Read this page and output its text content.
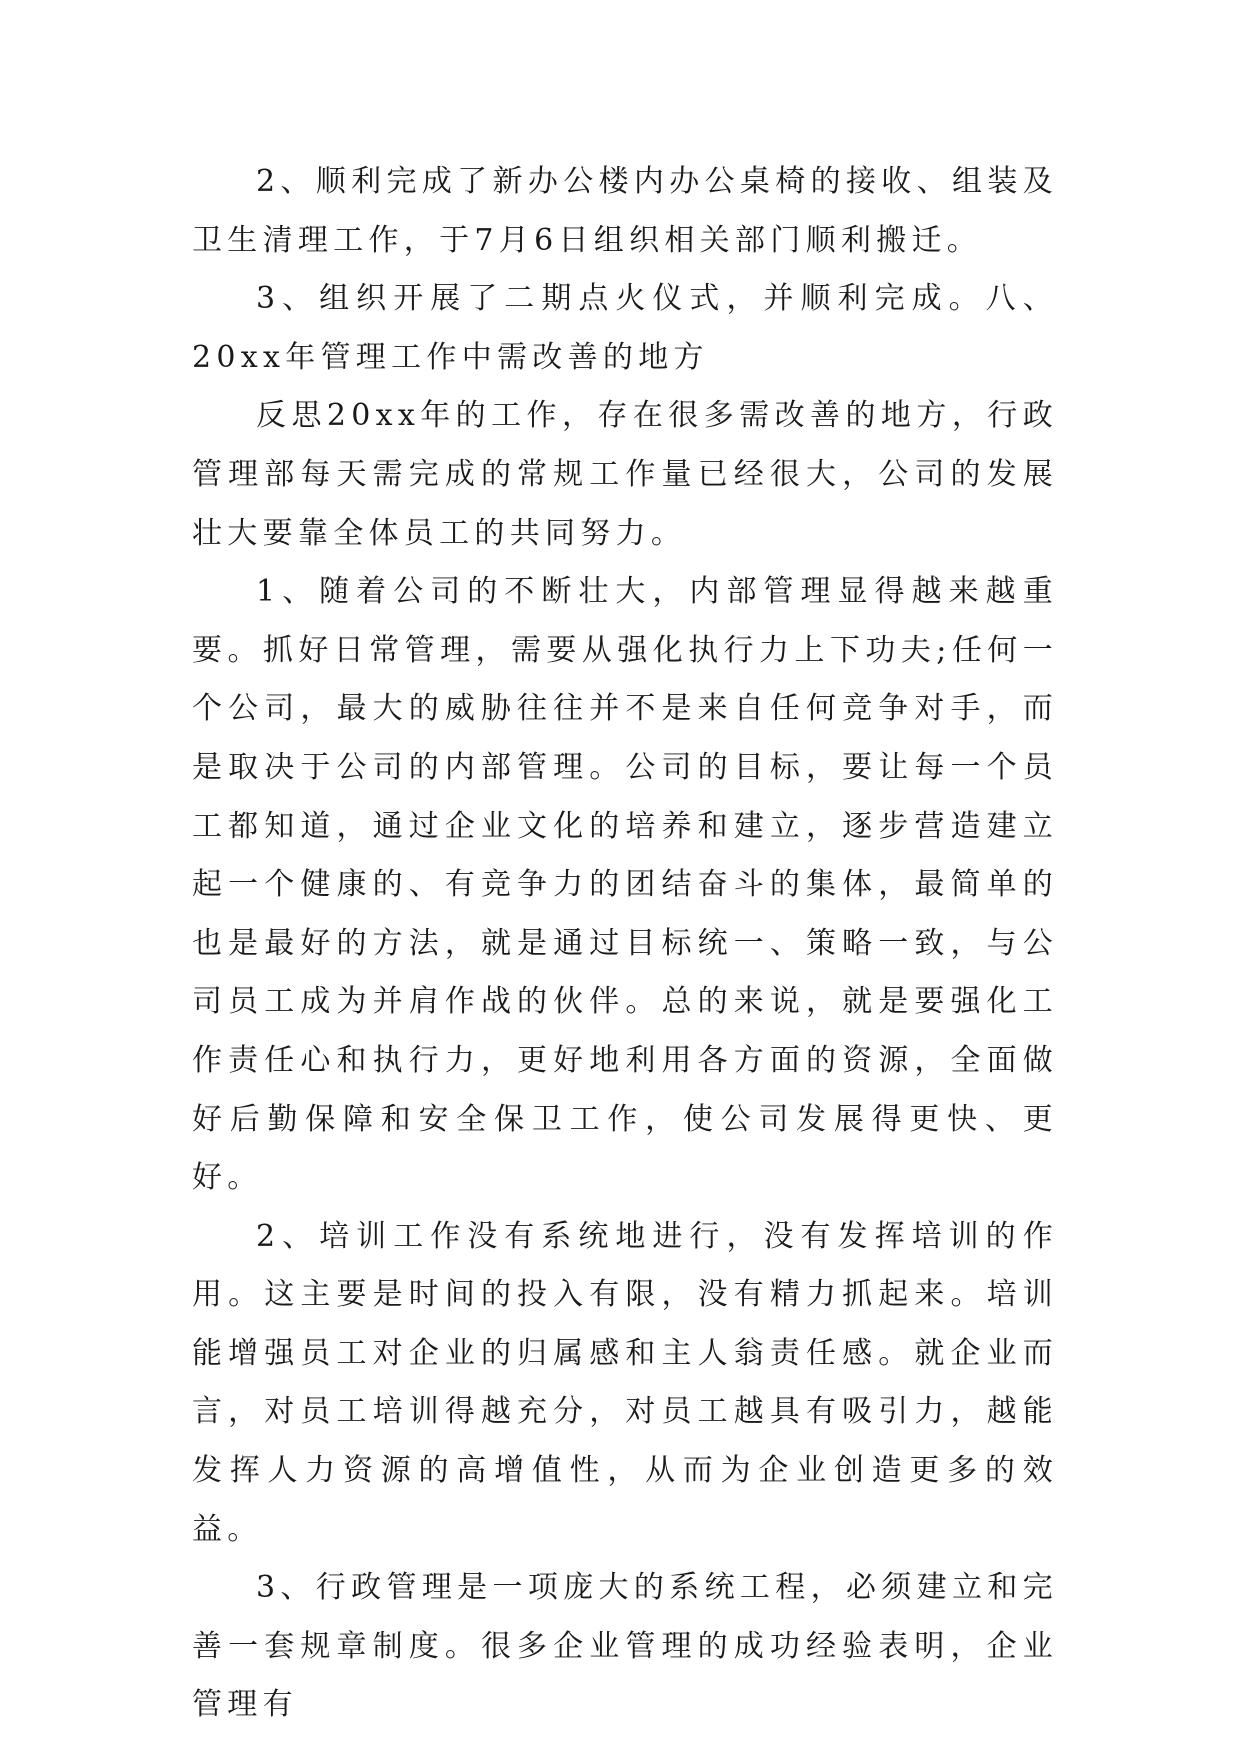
2、顺利完成了新办公楼内办公桌椅的接收、组装及卫生清理工作，于7月6日组织相关部门顺利搬迁。

3、组织开展了二期点火仪式，并顺利完成。八、20xx年管理工作中需改善的地方

反思20xx年的工作，存在很多需改善的地方，行政管理部每天需完成的常规工作量已经很大，公司的发展壮大要靠全体员工的共同努力。

1、随着公司的不断壮大，内部管理显得越来越重要。抓好日常管理，需要从强化执行力上下功夫;任何一个公司，最大的威胁往往并不是来自任何竞争对手，而是取决于公司的内部管理。公司的目标，要让每一个员工都知道，通过企业文化的培养和建立，逐步营造建立起一个健康的、有竞争力的团结奋斗的集体，最简单的也是最好的方法，就是通过目标统一、策略一致，与公司员工成为并肩作战的伙伴。总的来说，就是要强化工作责任心和执行力，更好地利用各方面的资源，全面做好后勤保障和安全保卫工作，使公司发展得更快、更好。

2、培训工作没有系统地进行，没有发挥培训的作用。这主要是时间的投入有限，没有精力抓起来。培训能增强员工对企业的归属感和主人翁责任感。就企业而言，对员工培训得越充分，对员工越具有吸引力，越能发挥人力资源的高增值性，从而为企业创造更多的效益。

3、行政管理是一项庞大的系统工程，必须建立和完善一套规章制度。很多企业管理的成功经验表明，企业管理有
